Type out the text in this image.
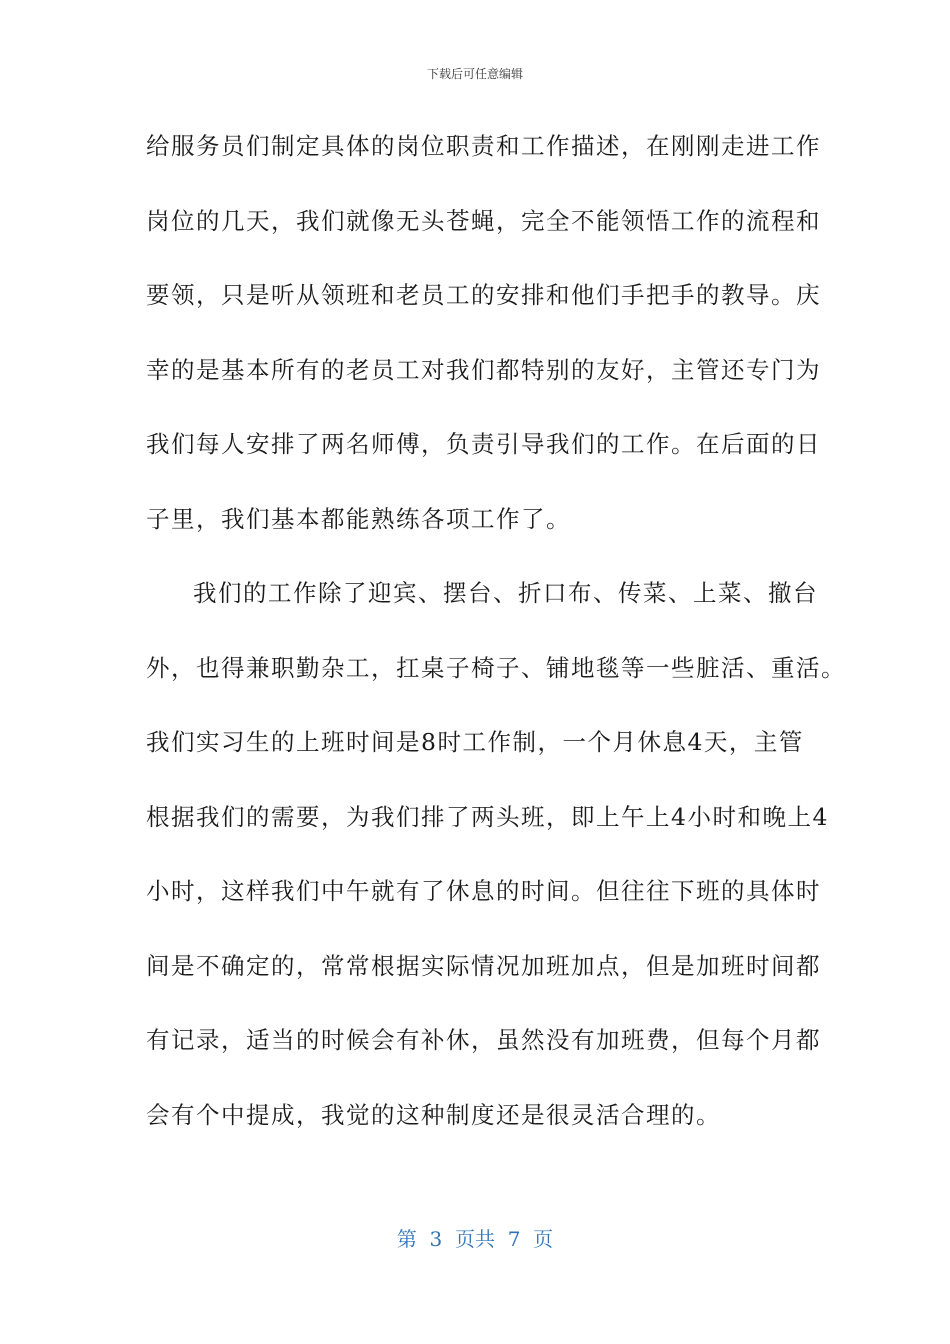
下载后可任意编辑
给服务员们制定具体的岗位职责和工作描述，在刚刚走进工作
岗位的几天，我们就像无头苍蝇，完全不能领悟工作的流程和
要领，只是听从领班和老员工的安排和他们手把手的教导。庆
幸的是基本所有的老员工对我们都特别的友好，主管还专门为
我们每人安排了两名师傅，负责引导我们的工作。在后面的日
子里，我们基本都能熟练各项工作了。
我们的工作除了迎宾、摆台、折口布、传菜、上菜、撤台
外，也得兼职勤杂工，扛桌子椅子、铺地毯等一些脏活、重活。
我们实习生的上班时间是8时工作制，一个月休息4天，主管
根据我们的需要，为我们排了两头班，即上午上4小时和晚上4
小时，这样我们中午就有了休息的时间。但往往下班的具体时
间是不确定的，常常根据实际情况加班加点，但是加班时间都
有记录，适当的时候会有补休，虽然没有加班费，但每个月都
会有个中提成，我觉的这种制度还是很灵活合理的。
第  3  页共  7  页
